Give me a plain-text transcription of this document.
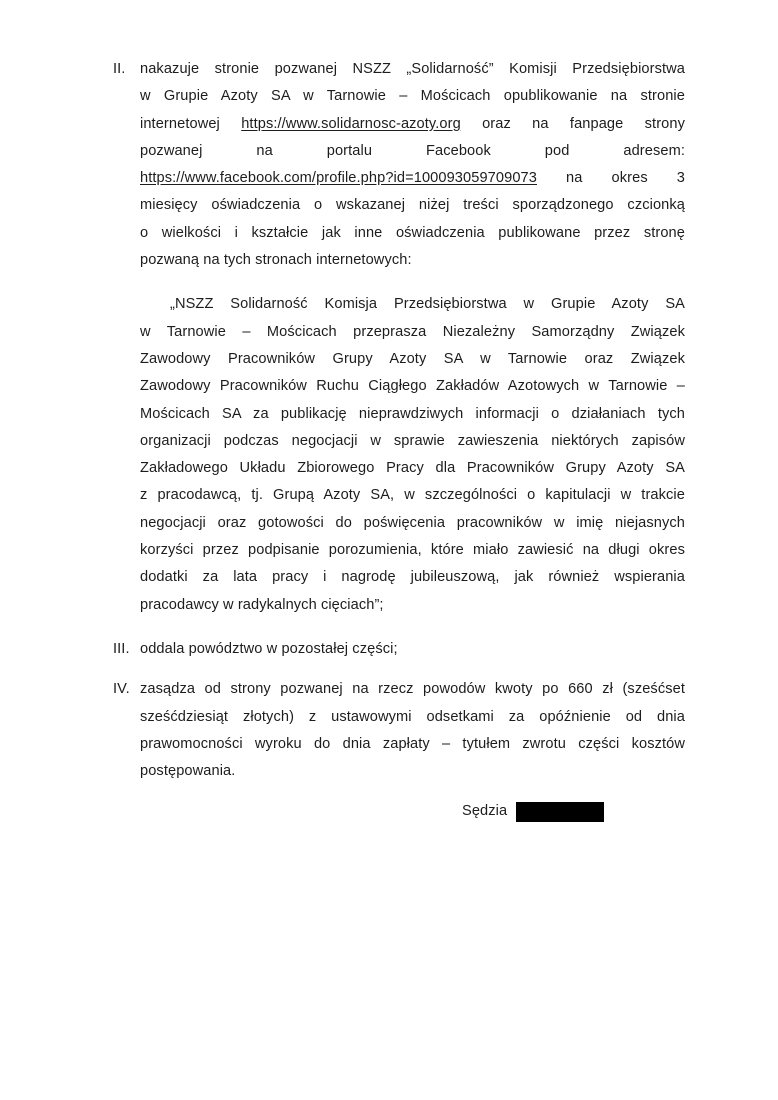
II. nakazuje stronie pozwanej NSZZ „Solidarność” Komisji Przedsiębiorstwa
w Grupie Azoty SA w Tarnowie – Mościcach opublikowanie na stronie
internetowej https://www.solidarnosc-azoty.org oraz na fanpage strony
pozwanej na portalu Facebook pod adresem:
https://www.facebook.com/profile.php?id=100093059709073 na okres 3
miesięcy oświadczenia o wskazanej niżej treści sporządzonego czcionką
o wielkości i kształcie jak inne oświadczenia publikowane przez stronę
pozwaną na tych stronach internetowych:
„NSZZ Solidarność Komisja Przedsiębiorstwa w Grupie Azoty SA
w Tarnowie – Mościcach przeprasza Niezależny Samorządny Związek
Zawodowy Pracowników Grupy Azoty SA w Tarnowie oraz Związek
Zawodowy Pracowników Ruchu Ciągłego Zakładów Azotowych w Tarnowie –
Mościcach SA za publikację nieprawdziwych informacji o działaniach tych
organizacji podczas negocjacji w sprawie zawieszenia niektórych zapisów
Zakładowego Układu Zbiorowego Pracy dla Pracowników Grupy Azoty SA
z pracodawcą, tj. Grupą Azoty SA, w szczególności o kapitulacji w trakcie
negocjacji oraz gotowości do poświęcenia pracowników w imię niejasnych
korzyści przez podpisanie porozumienia, które miało zawiesić na długi okres
dodatki za lata pracy i nagrodę jubileuszową, jak również wspierania
pracodawcy w radykalnych cięciach”;
III. oddala powództwo w pozostałej części;
IV. zasądza od strony pozwanej na rzecz powodów kwoty po 660 zł (sześćset
sześćdziesiąt złotych) z ustawowymi odsetkami za opóźnienie od dnia
prawomocności wyroku do dnia zapłaty – tytułem zwrotu części kosztów
postępowania.
Sędzia
